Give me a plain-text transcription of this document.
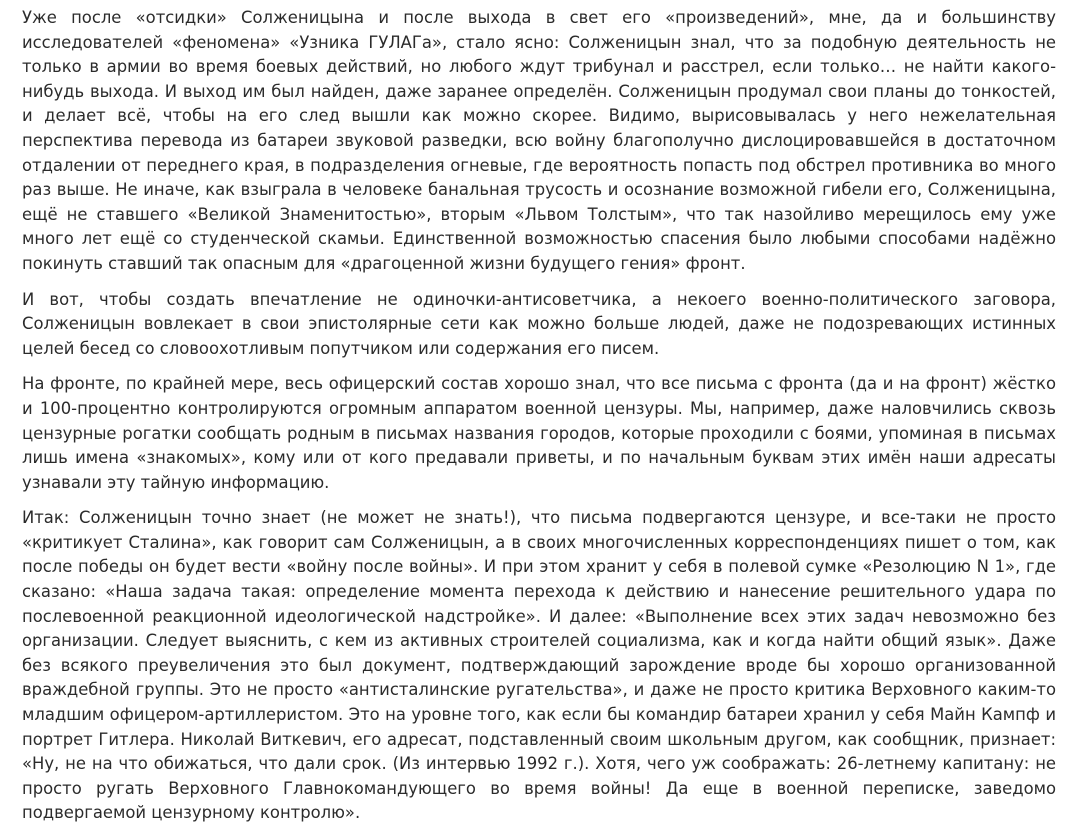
Уже после «отсидки» Солженицына и после выхода в свет его «произведений», мне, да и большинству исследователей «феномена» «Узника ГУЛАГа», стало ясно: Солженицын знал, что за подобную деятельность не только в армии во время боевых действий, но любого ждут трибунал и расстрел, если только… не найти какого-нибудь выхода. И выход им был найден, даже заранее определён. Солженицын продумал свои планы до тонкостей, и делает всё, чтобы на его след вышли как можно скорее. Видимо, вырисовывалась у него нежелательная перспектива перевода из батареи звуковой разведки, всю войну благополучно дислоцировавшейся в достаточном отдалении от переднего края, в подразделения огневые, где вероятность попасть под обстрел противника во много раз выше. Не иначе, как взыграла в человеке банальная трусость и осознание возможной гибели его, Солженицына, ещё не ставшего «Великой Знаменитостью», вторым «Львом Толстым», что так назойливо мерещилось ему уже много лет ещё со студенческой скамьи. Единственной возможностью спасения было любыми способами надёжно покинуть ставший так опасным для «драгоценной жизни будущего гения» фронт.

И вот, чтобы создать впечатление не одиночки-антисоветчика, а некоего военно-политического заговора, Солженицын вовлекает в свои эпистолярные сети как можно больше людей, даже не подозревающих истинных целей бесед со словоохотливым попутчиком или содержания его писем.

На фронте, по крайней мере, весь офицерский состав хорошо знал, что все письма с фронта (да и на фронт) жёстко и 100-процентно контролируются огромным аппаратом военной цензуры. Мы, например, даже наловчились сквозь цензурные рогатки сообщать родным в письмах названия городов, которые проходили с боями, упоминая в письмах лишь имена «знакомых», кому или от кого предавали приветы, и по начальным буквам этих имён наши адресаты узнавали эту тайную информацию.

Итак: Солженицын точно знает (не может не знать!), что письма подвергаются цензуре, и все-таки не просто «критикует Сталина», как говорит сам Солженицын, а в своих многочисленных корреспонденциях пишет о том, как после победы он будет вести «войну после войны». И при этом хранит у себя в полевой сумке «Резолюцию N 1», где сказано: «Наша задача такая: определение момента перехода к действию и нанесение решительного удара по послевоенной реакционной идеологической надстройке». И далее: «Выполнение всех этих задач невозможно без организации. Следует выяснить, с кем из активных строителей социализма, как и когда найти общий язык». Даже без всякого преувеличения это был документ, подтверждающий зарождение вроде бы хорошо организованной враждебной группы. Это не просто «антисталинские ругательства», и даже не просто критика Верховного каким-то младшим офицером-артиллеристом. Это на уровне того, как если бы командир батареи хранил у себя Майн Кампф и портрет Гитлера. Николай Виткевич, его адресат, подставленный своим школьным другом, как сообщник, признает: «Ну, не на что обижаться, что дали срок. (Из интервью 1992 г.). Хотя, чего уж соображать: 26-летнему капитану: не просто ругать Верховного Главнокомандующего во время войны! Да еще в военной переписке, заведомо подвергаемой цензурному контролю».
